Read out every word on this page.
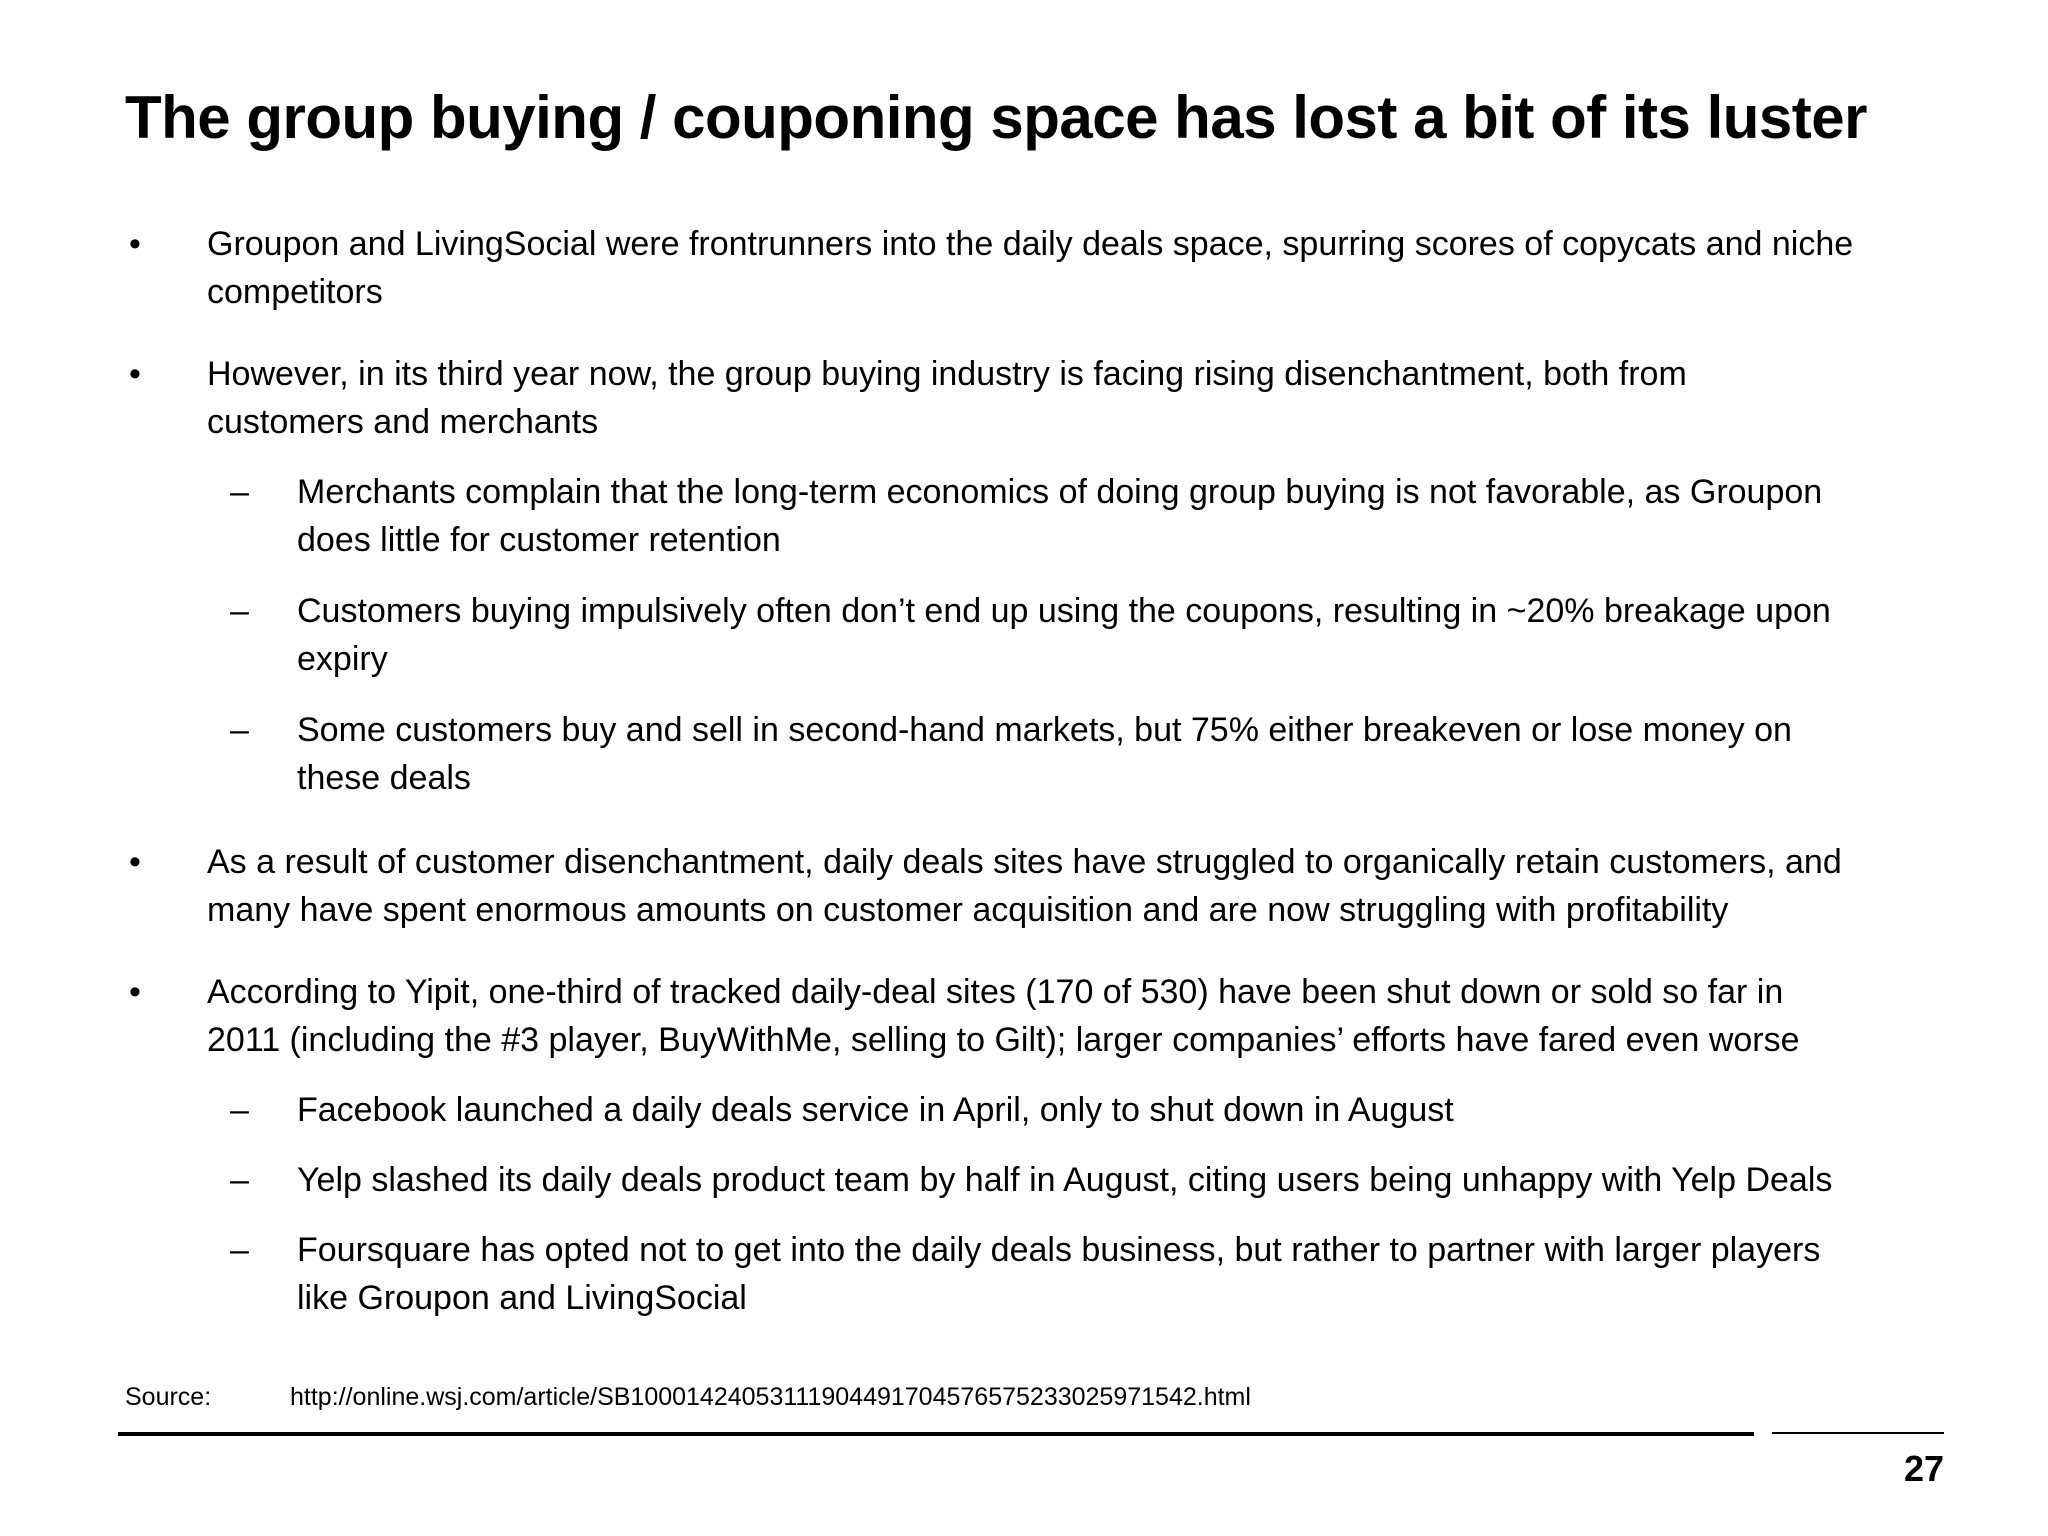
The group buying / couponing space has lost a bit of its luster
• Groupon and LivingSocial were frontrunners into the daily deals space, spurring scores of copycats and niche
competitors
• However, in its third year now, the group buying industry is facing rising disenchantment, both from
customers and merchants
– Merchants complain that the long-term economics of doing group buying is not favorable, as Groupon
does little for customer retention
– Customers buying impulsively often don’t end up using the coupons, resulting in ~20% breakage upon
expiry
– Some customers buy and sell in second-hand markets, but 75% either breakeven or lose money on
these deals
• As a result of customer disenchantment, daily deals sites have struggled to organically retain customers, and
many have spent enormous amounts on customer acquisition and are now struggling with profitability
• According to Yipit, one-third of tracked daily-deal sites (170 of 530) have been shut down or sold so far in
2011 (including the #3 player, BuyWithMe, selling to Gilt); larger companies’ efforts have fared even worse
– Facebook launched a daily deals service in April, only to shut down in August
– Yelp slashed its daily deals product team by half in August, citing users being unhappy with Yelp Deals
– Foursquare has opted not to get into the daily deals business, but rather to partner with larger players
like Groupon and LivingSocial
Source:	http://online.wsj.com/article/SB10001424053111904491704576575233025971542.html
27
